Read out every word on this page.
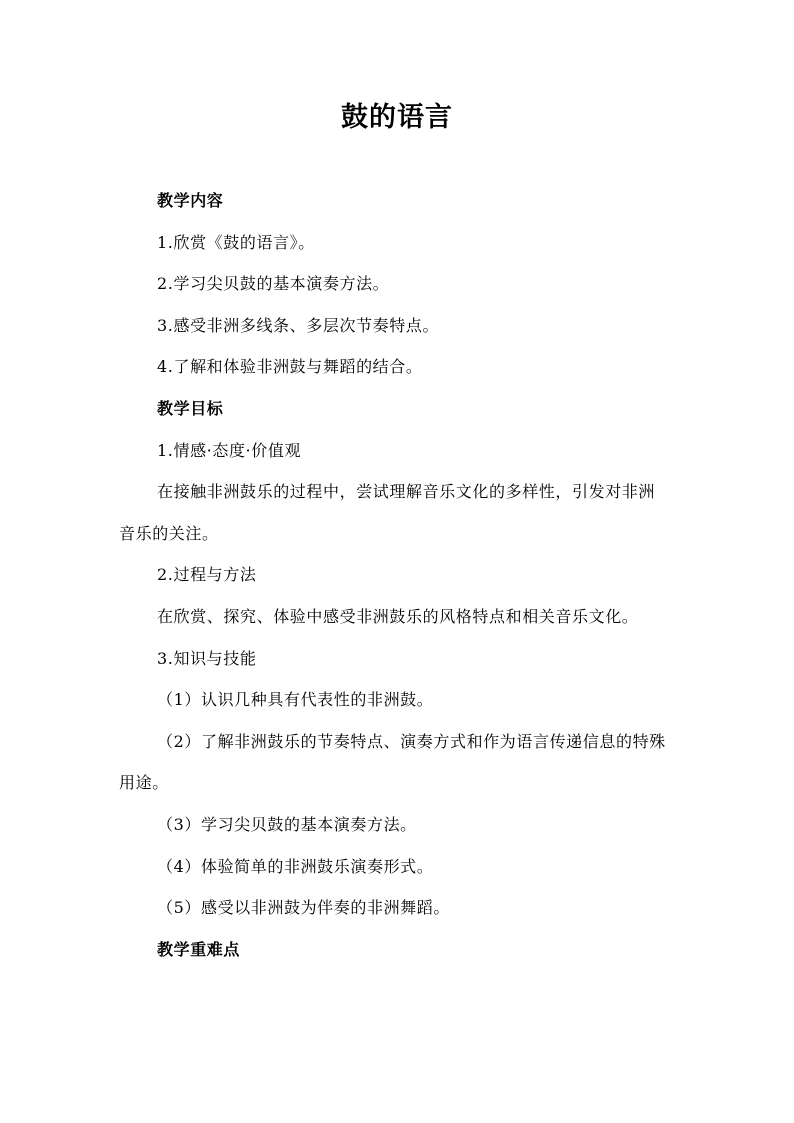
鼓的语言

教学内容

1.欣赏《鼓的语言》。

2.学习尖贝鼓的基本演奏方法。

3.感受非洲多线条、多层次节奏特点。

4.了解和体验非洲鼓与舞蹈的结合。

教学目标

1.情感·态度·价值观

在接触非洲鼓乐的过程中，尝试理解音乐文化的多样性，引发对非洲音乐的关注。

2.过程与方法

在欣赏、探究、体验中感受非洲鼓乐的风格特点和相关音乐文化。

3.知识与技能

（1）认识几种具有代表性的非洲鼓。

（2）了解非洲鼓乐的节奏特点、演奏方式和作为语言传递信息的特殊用途。

（3）学习尖贝鼓的基本演奏方法。

（4）体验简单的非洲鼓乐演奏形式。

（5）感受以非洲鼓为伴奏的非洲舞蹈。

教学重难点
